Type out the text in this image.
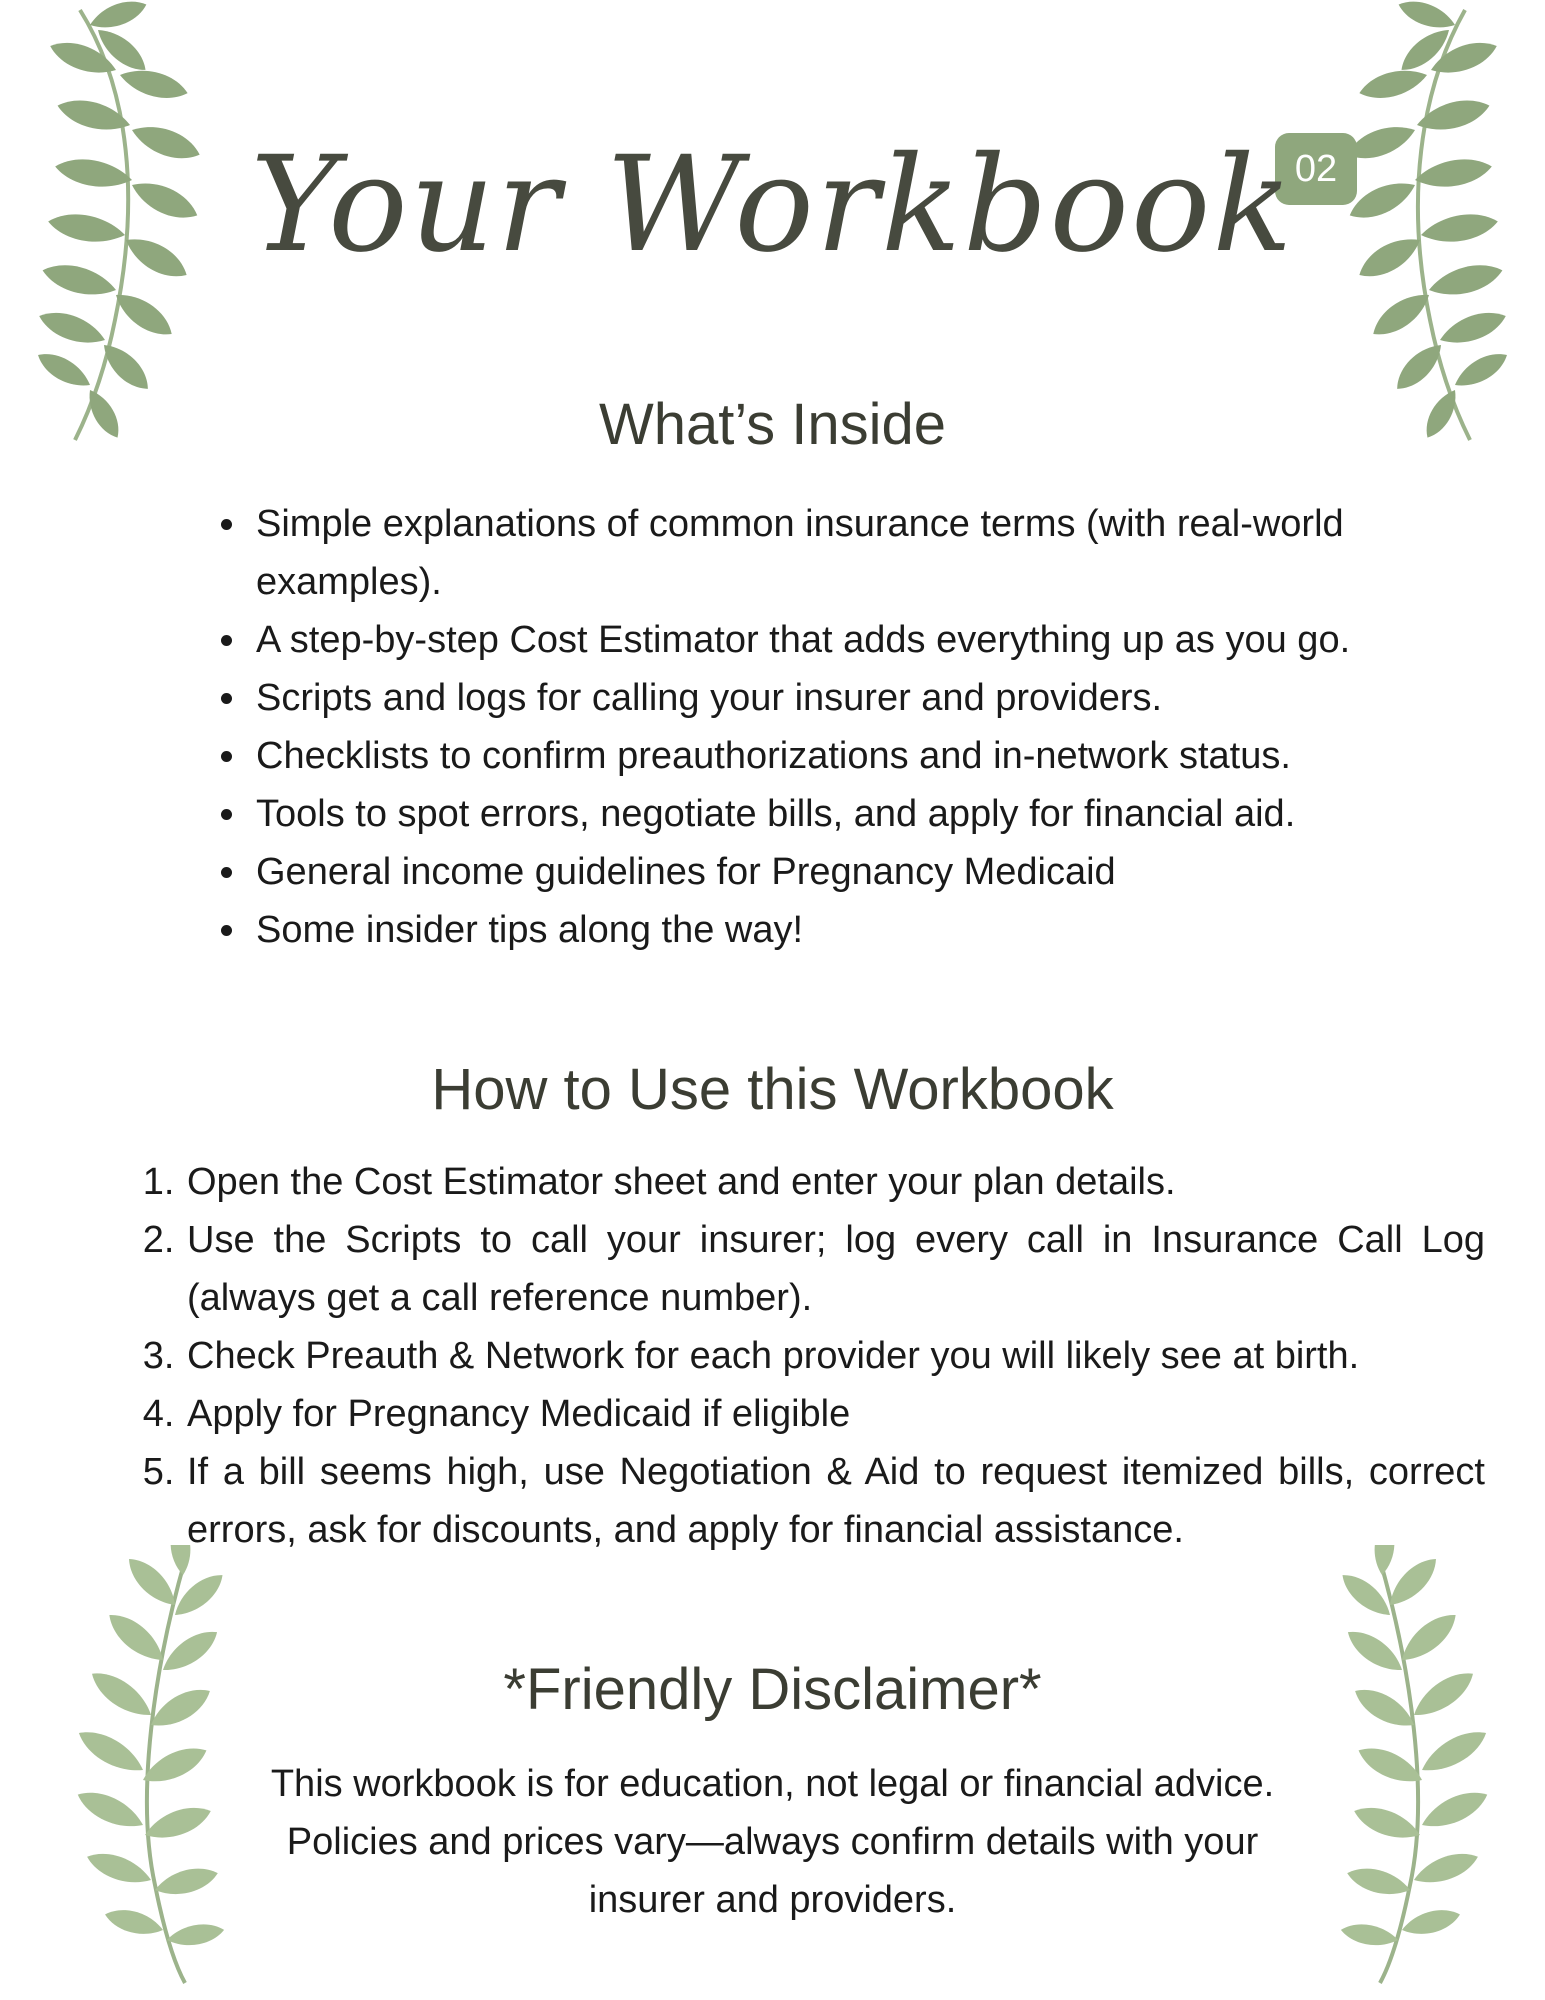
02
Your Workbook
What’s Inside
• Simple explanations of common insurance terms (with real-world examples).
• A step-by-step Cost Estimator that adds everything up as you go.
• Scripts and logs for calling your insurer and providers.
• Checklists to confirm preauthorizations and in-network status.
• Tools to spot errors, negotiate bills, and apply for financial aid.
• General income guidelines for Pregnancy Medicaid
• Some insider tips along the way!
How to Use this Workbook
1. Open the Cost Estimator sheet and enter your plan details.
2. Use the Scripts to call your insurer; log every call in Insurance Call Log (always get a call reference number).
3. Check Preauth & Network for each provider you will likely see at birth.
4. Apply for Pregnancy Medicaid if eligible
5. If a bill seems high, use Negotiation & Aid to request itemized bills, correct errors, ask for discounts, and apply for financial assistance.
*Friendly Disclaimer*
This workbook is for education, not legal or financial advice. Policies and prices vary—always confirm details with your insurer and providers.
